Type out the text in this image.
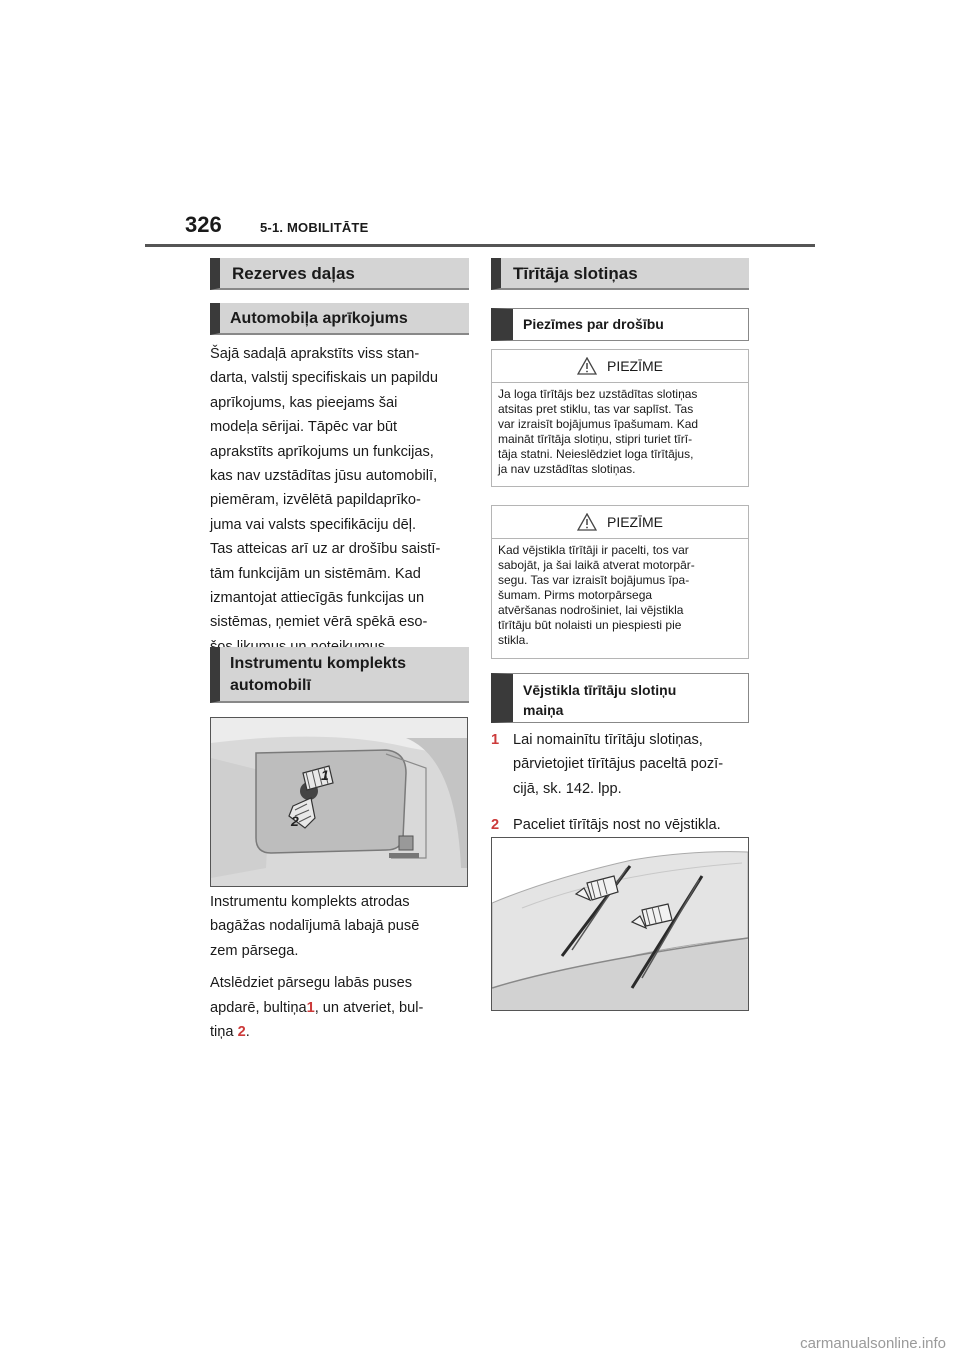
326	5-1. MOBILITĀTE
Rezerves daļas
Automobiļa aprīkojums

Šajā sadaļā aprakstīts viss stan-

darta, valstij specifiskais un papildu

aprīkojums, kas pieejams šai

modeļa sērijai. Tāpēc var būt

aprakstīts aprīkojums un funkcijas,

kas nav uzstādītas jūsu automobilī,

piemēram, izvēlētā papildaprīko-

juma vai valsts specifikāciju dēļ.

Tas atteicas arī uz ar drošību saistī-

tām funkcijām un sistēmām. Kad

izmantojat attiecīgās funkcijas un

sistēmas, ņemiet vērā spēkā eso-

Instrumentu komplekts
automobilī
1
2

Instrumentu komplekts atrodas
bagāžas nodalījumā labajā pusē
zem pārsega.

Atslēdziet pārsegu labās puses
apdarē, bultiņa1, un atveriet, bul-
tiņa 2.

Tīrītāja slotiņas
Piezīmes par drošību
PIEZĪME
Ja loga tīrītājs bez uzstādītas slotiņas
atsitas pret stiklu, tas var saplīst. Tas
var izraisīt bojājumus īpašumam. Kad
maināt tīrītāja slotiņu, stipri turiet tīrī-
tāja statni. Neieslēdziet loga tīrītājus,
ja nav uzstādītas slotiņas.
PIEZĪME
Kad vējstikla tīrītāji ir pacelti, tos var
sabojāt, ja šai laikā atverat motorpār-
segu. Tas var izraisīt bojājumus īpa-
šumam. Pirms motorpārsega
atvēršanas nodrošiniet, lai vējstikla
tīrītāju būt nolaisti un piespiesti pie
stikla.
Vējstikla tīrītāju slotiņu
maiņa
1 Lai nomainītu tīrītāju slotiņas,
pārvietojiet tīrītājus paceltā pozī-
cijā, sk. 142. lpp.
2 Paceliet tīrītājs nost no vējstikla.
carmanualsonline.info
